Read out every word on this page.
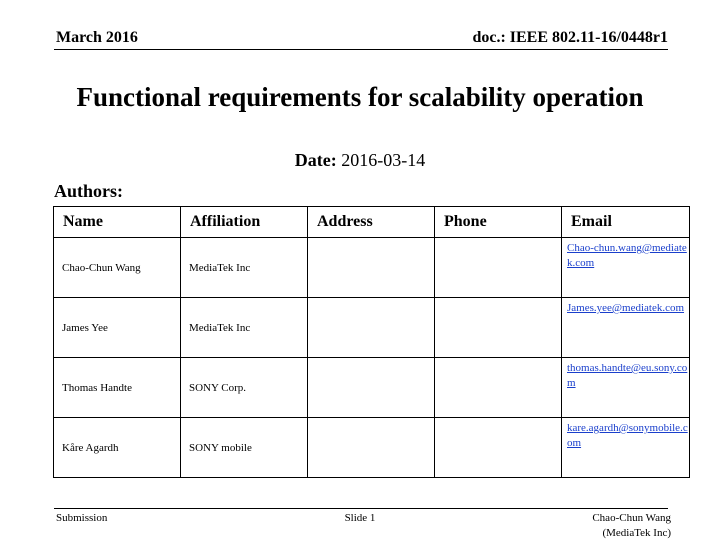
March 2016	doc.: IEEE 802.11-16/0448r1
Functional requirements for scalability operation
Date: 2016-03-14
Authors:
Name	Affiliation	Address	Phone	Email
Chao-Chun Wang	MediaTek Inc			Chao-chun.wang@mediatek.com
James Yee	MediaTek Inc			James.yee@mediatek.com
Thomas Handte	SONY Corp.			thomas.handte@eu.sony.com
Kåre Agardh	SONY mobile			kare.agardh@sonymobile.com
Submission	Slide 1	Chao-Chun Wang
(MediaTek Inc)
